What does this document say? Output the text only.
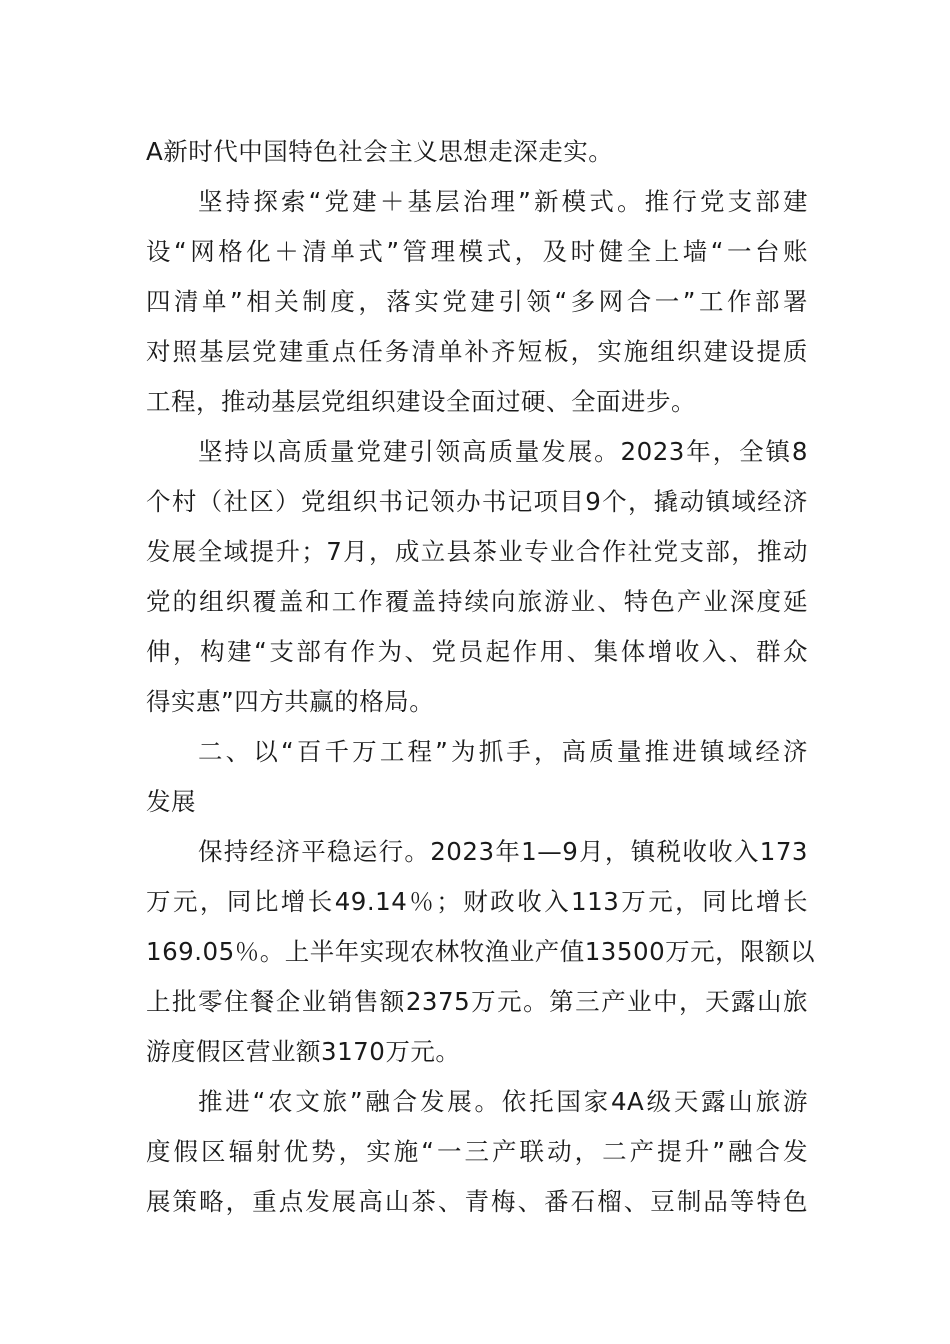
A新时代中国特色社会主义思想走深走实。
坚持探索“党建＋基层治理”新模式。推行党支部建
设“网格化＋清单式”管理模式，及时健全上墙“一台账
四清单”相关制度，落实党建引领“多网合一”工作部署
对照基层党建重点任务清单补齐短板，实施组织建设提质
工程，推动基层党组织建设全面过硬、全面进步。
坚持以高质量党建引领高质量发展。2023年，全镇8
个村（社区）党组织书记领办书记项目9个，撬动镇域经济
发展全域提升；7月，成立县茶业专业合作社党支部，推动
党的组织覆盖和工作覆盖持续向旅游业、特色产业深度延
伸，构建“支部有作为、党员起作用、集体增收入、群众
得实惠”四方共赢的格局。
二、以“百千万工程”为抓手，高质量推进镇域经济
发展
保持经济平稳运行。2023年1—9月，镇税收收入173
万元，同比增长49.14％；财政收入113万元，同比增长
169.05％。上半年实现农林牧渔业产值13500万元，限额以
上批零住餐企业销售额2375万元。第三产业中，天露山旅
游度假区营业额3170万元。
推进“农文旅”融合发展。依托国家4A级天露山旅游
度假区辐射优势，实施“一三产联动，二产提升”融合发
展策略，重点发展高山茶、青梅、番石榴、豆制品等特色
